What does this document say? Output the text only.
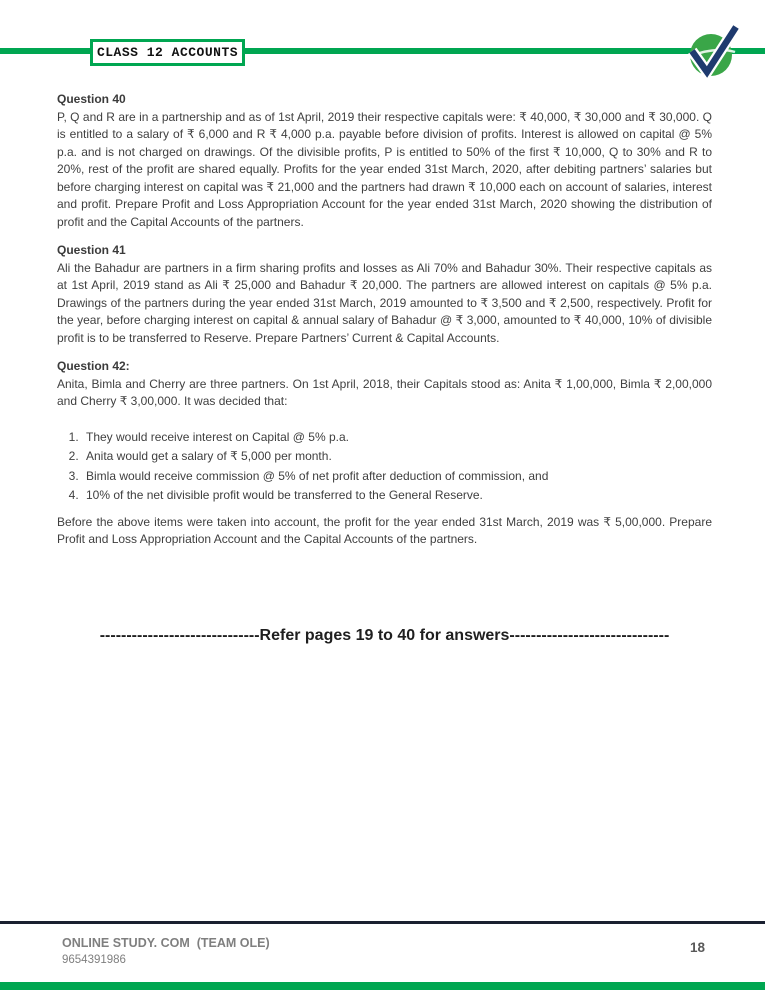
CLASS 12 ACCOUNTS
Question 40

P, Q and R are in a partnership and as of 1st April, 2019 their respective capitals were: ₹ 40,000, ₹ 30,000 and ₹ 30,000. Q is entitled to a salary of ₹ 6,000 and R ₹ 4,000 p.a. payable before division of profits. Interest is allowed on capital @ 5% p.a. and is not charged on drawings. Of the divisible profits, P is entitled to 50% of the first ₹ 10,000, Q to 30% and R to 20%, rest of the profit are shared equally. Profits for the year ended 31st March, 2020, after debiting partners’ salaries but before charging interest on capital was ₹ 21,000 and the partners had drawn ₹ 10,000 each on account of salaries, interest and profit. Prepare Profit and Loss Appropriation Account for the year ended 31st March, 2020 showing the distribution of profit and the Capital Accounts of the partners.

Question 41

Ali the Bahadur are partners in a firm sharing profits and losses as Ali 70% and Bahadur 30%. Their respective capitals as at 1st April, 2019 stand as Ali ₹ 25,000 and Bahadur ₹ 20,000. The partners are allowed interest on capitals @ 5% p.a. Drawings of the partners during the year ended 31st March, 2019 amounted to ₹ 3,500 and ₹ 2,500, respectively. Profit for the year, before charging interest on capital & annual salary of Bahadur @ ₹ 3,000, amounted to ₹ 40,000, 10% of divisible profit is to be transferred to Reserve. Prepare Partners’ Current & Capital Accounts.

Question 42:

Anita, Bimla and Cherry are three partners. On 1st April, 2018, their Capitals stood as: Anita ₹ 1,00,000, Bimla ₹ 2,00,000 and Cherry ₹ 3,00,000. It was decided that:

1. They would receive interest on Capital @ 5% p.a.
2. Anita would get a salary of ₹ 5,000 per month.
3. Bimla would receive commission @ 5% of net profit after deduction of commission, and
4. 10% of the net divisible profit would be transferred to the General Reserve.

Before the above items were taken into account, the profit for the year ended 31st March, 2019 was ₹ 5,00,000. Prepare Profit and Loss Appropriation Account and the Capital Accounts of the partners.

------------------------------Refer pages 19 to 40 for answers------------------------------

ONLINE STUDY. COM  (TEAM OLE)
9654391986
18
